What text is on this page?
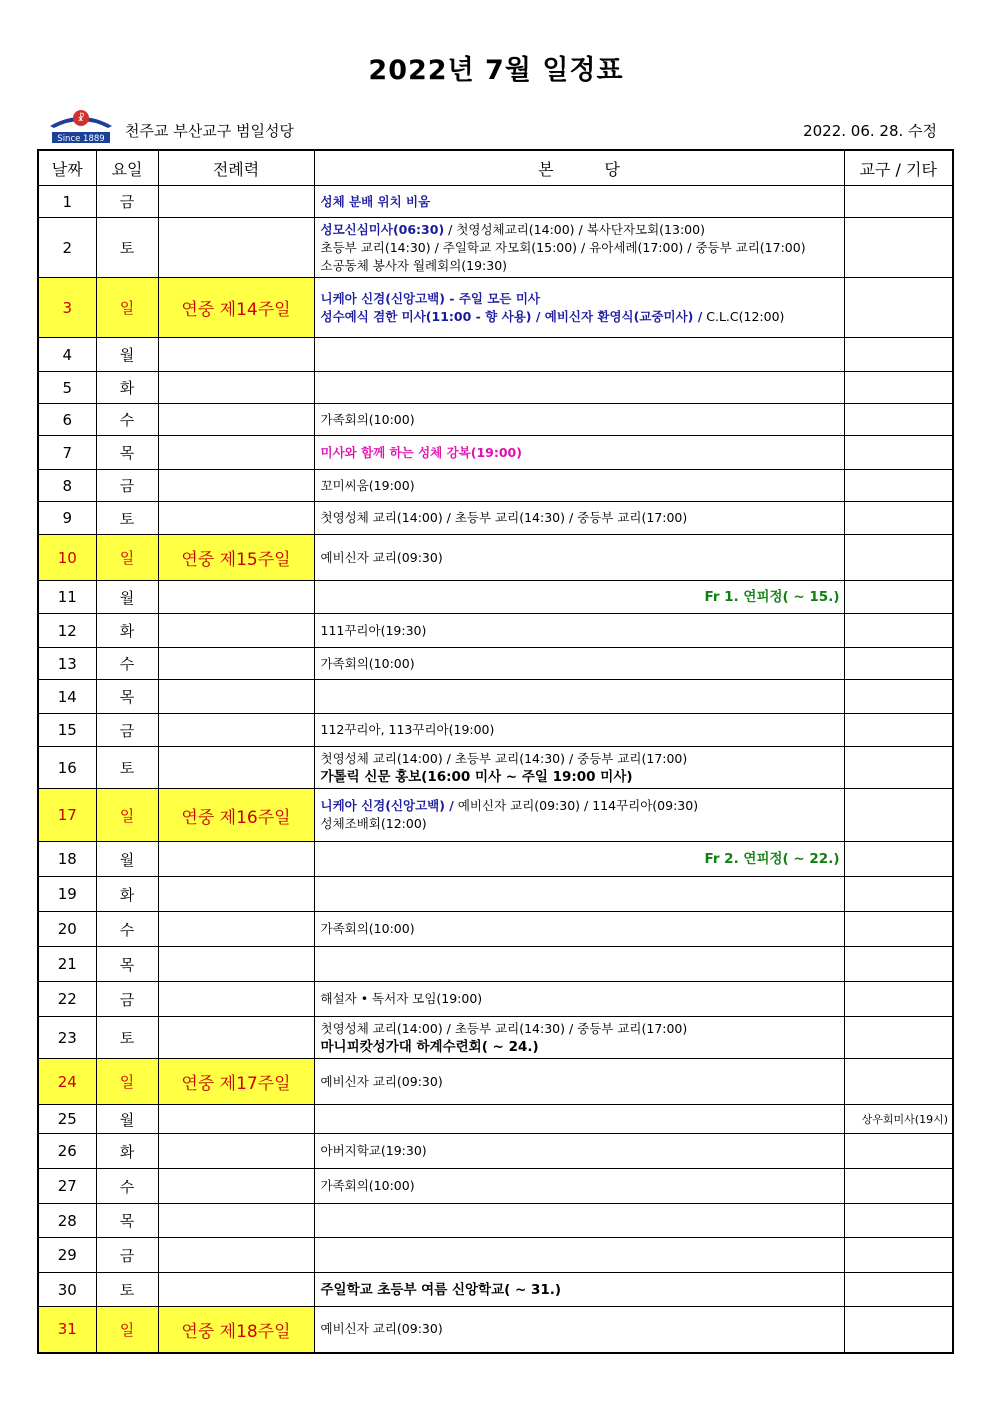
2022년 7월 일정표
☧
Since 1889 천주교 부산교구 범일성당	2022. 06. 28. 수정
날짜	요일	전례력	본          당	교구 / 기타
1	금		성체 분배 위치 비움	

2	토		성모신심미사(06:30) / 첫영성체교리(14:00) / 복사단자모회(13:00)
초등부 교리(14:30) / 주일학교 자모회(15:00) / 유아세례(17:00) / 중등부 교리(17:00)
소공동체 봉사자 월례회의(19:30)	

3	일	연중 제14주일	니케아 신경(신앙고백) - 주일 모든 미사
성수예식 겸한 미사(11:00 - 향 사용) / 예비신자 환영식(교중미사) / C.L.C(12:00)	

4	월			
5	화			
6	수		가족회의(10:00)	

7	목		미사와 함께 하는 성체 강복(19:00)	

8	금		꼬미씨움(19:00)	

9	토		첫영성체 교리(14:00) / 초등부 교리(14:30) / 중등부 교리(17:00)	

10	일	연중 제15주일	예비신자 교리(09:30)	

11	월		Fr 1. 연피정( ~ 15.)	

12	화		111꾸리아(19:30)	

13	수		가족회의(10:00)	

14	목			
15	금		112꾸리아, 113꾸리아(19:00)	

16	토		첫영성체 교리(14:00) / 초등부 교리(14:30) / 중등부 교리(17:00)
가톨릭 신문 홍보(16:00 미사 ~ 주일 19:00 미사)	

17	일	연중 제16주일	니케아 신경(신앙고백) / 예비신자 교리(09:30) / 114꾸리아(09:30)
성체조배회(12:00)	

18	월		Fr 2. 연피정( ~ 22.)	

19	화			
20	수		가족회의(10:00)	

21	목			
22	금		해설자 • 독서자 모임(19:00)	

23	토		첫영성체 교리(14:00) / 초등부 교리(14:30) / 중등부 교리(17:00)
마니피캇성가대 하계수련회( ~ 24.)	

24	일	연중 제17주일	예비신자 교리(09:30)	

25	월			상우회미사(19시)
26	화		아버지학교(19:30)	

27	수		가족회의(10:00)	

28	목			
29	금			
30	토		주일학교 초등부 여름 신앙학교( ~ 31.)	

31	일	연중 제18주일	예비신자 교리(09:30)	
